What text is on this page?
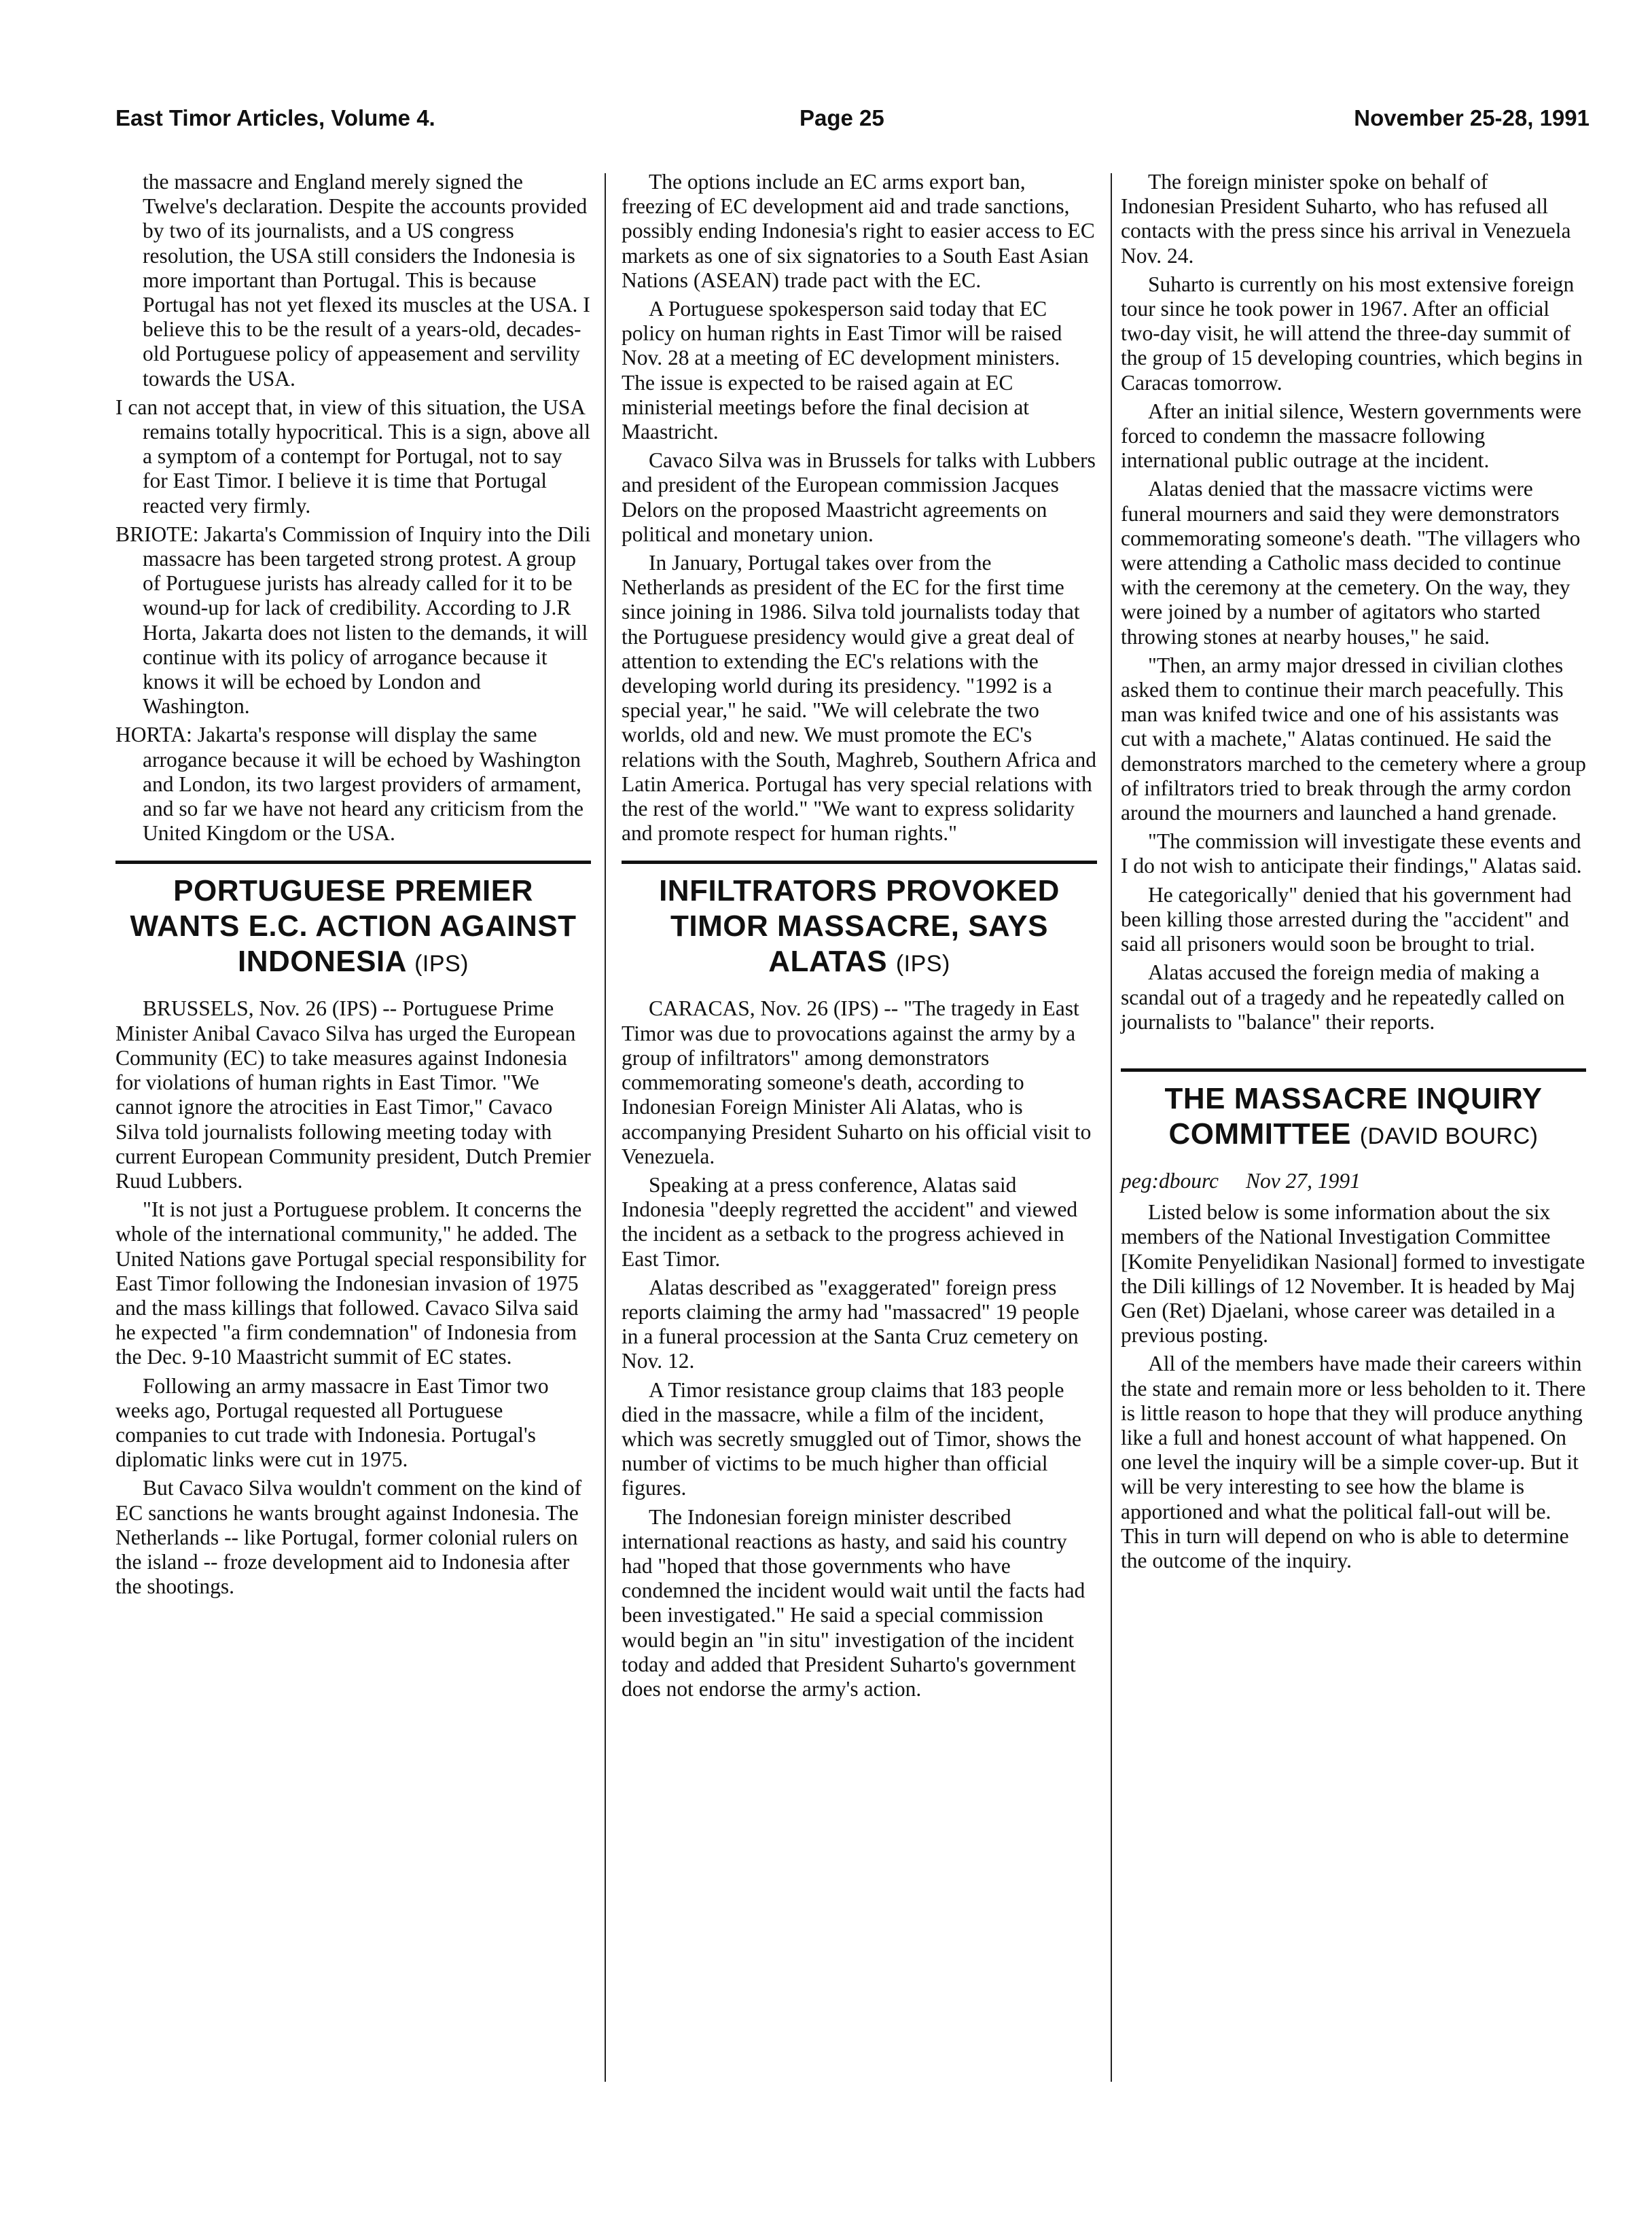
East Timor Articles, Volume 4.	Page 25	November 25-28, 1991

the massacre and England merely signed the Twelve's declaration. Despite the accounts provided by two of its journalists, and a US congress resolution, the USA still considers the Indonesia is more important than Portugal. This is because Portugal has not yet flexed its muscles at the USA. I believe this to be the result of a years-old, decades-old Portuguese policy of appeasement and servility towards the USA.

I can not accept that, in view of this situation, the USA remains totally hypocritical. This is a sign, above all a symptom of a contempt for Portugal, not to say for East Timor. I believe it is time that Portugal reacted very firmly.

BRIOTE: Jakarta's Commission of Inquiry into the Dili massacre has been targeted strong protest. A group of Portuguese jurists has already called for it to be wound-up for lack of credibility. According to J.R Horta, Jakarta does not listen to the demands, it will continue with its policy of arrogance because it knows it will be echoed by London and Washington.

HORTA: Jakarta's response will display the same arrogance because it will be echoed by Washington and London, its two largest providers of armament, and so far we have not heard any criticism from the United Kingdom or the USA.

PORTUGUESE PREMIER WANTS E.C. ACTION AGAINST INDONESIA (IPS)

BRUSSELS, Nov. 26 (IPS) -- Portuguese Prime Minister Anibal Cavaco Silva has urged the European Community (EC) to take measures against Indonesia for violations of human rights in East Timor. "We cannot ignore the atrocities in East Timor," Cavaco Silva told journalists following meeting today with current European Community president, Dutch Premier Ruud Lubbers.

"It is not just a Portuguese problem. It concerns the whole of the international community," he added. The United Nations gave Portugal special responsibility for East Timor following the Indonesian invasion of 1975 and the mass killings that followed. Cavaco Silva said he expected "a firm condemnation" of Indonesia from the Dec. 9-10 Maastricht summit of EC states.

Following an army massacre in East Timor two weeks ago, Portugal requested all Portuguese companies to cut trade with Indonesia. Portugal's diplomatic links were cut in 1975.

But Cavaco Silva wouldn't comment on the kind of EC sanctions he wants brought against Indonesia. The Netherlands -- like Portugal, former colonial rulers on the island -- froze development aid to Indonesia after the shootings.

The options include an EC arms export ban, freezing of EC development aid and trade sanctions, possibly ending Indonesia's right to easier access to EC markets as one of six signatories to a South East Asian Nations (ASEAN) trade pact with the EC.

A Portuguese spokesperson said today that EC policy on human rights in East Timor will be raised Nov. 28 at a meeting of EC development ministers. The issue is expected to be raised again at EC ministerial meetings before the final decision at Maastricht.

Cavaco Silva was in Brussels for talks with Lubbers and president of the European commission Jacques Delors on the proposed Maastricht agreements on political and monetary union.

In January, Portugal takes over from the Netherlands as president of the EC for the first time since joining in 1986. Silva told journalists today that the Portuguese presidency would give a great deal of attention to extending the EC's relations with the developing world during its presidency. "1992 is a special year," he said. "We will celebrate the two worlds, old and new. We must promote the EC's relations with the South, Maghreb, Southern Africa and Latin America. Portugal has very special relations with the rest of the world." "We want to express solidarity and promote respect for human rights."

INFILTRATORS PROVOKED TIMOR MASSACRE, SAYS ALATAS (IPS)

CARACAS, Nov. 26 (IPS) -- "The tragedy in East Timor was due to provocations against the army by a group of infiltrators" among demonstrators commemorating someone's death, according to Indonesian Foreign Minister Ali Alatas, who is accompanying President Suharto on his official visit to Venezuela.

Speaking at a press conference, Alatas said Indonesia "deeply regretted the accident" and viewed the incident as a setback to the progress achieved in East Timor.

Alatas described as "exaggerated" foreign press reports claiming the army had "massacred" 19 people in a funeral procession at the Santa Cruz cemetery on Nov. 12.

A Timor resistance group claims that 183 people died in the massacre, while a film of the incident, which was secretly smuggled out of Timor, shows the number of victims to be much higher than official figures.

The Indonesian foreign minister described international reactions as hasty, and said his country had "hoped that those governments who have condemned the incident would wait until the facts had been investigated." He said a special commission would begin an "in situ" investigation of the incident today and added that President Suharto's government does not endorse the army's action.

The foreign minister spoke on behalf of Indonesian President Suharto, who has refused all contacts with the press since his arrival in Venezuela Nov. 24.

Suharto is currently on his most extensive foreign tour since he took power in 1967. After an official two-day visit, he will attend the three-day summit of the group of 15 developing countries, which begins in Caracas tomorrow.

After an initial silence, Western governments were forced to condemn the massacre following international public outrage at the incident.

Alatas denied that the massacre victims were funeral mourners and said they were demonstrators commemorating someone's death. "The villagers who were attending a Catholic mass decided to continue with the ceremony at the cemetery. On the way, they were joined by a number of agitators who started throwing stones at nearby houses," he said.

"Then, an army major dressed in civilian clothes asked them to continue their march peacefully. This man was knifed twice and one of his assistants was cut with a machete," Alatas continued. He said the demonstrators marched to the cemetery where a group of infiltrators tried to break through the army cordon around the mourners and launched a hand grenade.

"The commission will investigate these events and I do not wish to anticipate their findings," Alatas said.

He categorically" denied that his government had been killing those arrested during the "accident" and said all prisoners would soon be brought to trial.

Alatas accused the foreign media of making a scandal out of a tragedy and he repeatedly called on journalists to "balance" their reports.

THE MASSACRE INQUIRY COMMITTEE (DAVID BOURC)

peg:dbourc Nov 27, 1991

Listed below is some information about the six members of the National Investigation Committee [Komite Penyelidikan Nasional] formed to investigate the Dili killings of 12 November. It is headed by Maj Gen (Ret) Djaelani, whose career was detailed in a previous posting.

All of the members have made their careers within the state and remain more or less beholden to it. There is little reason to hope that they will produce anything like a full and honest account of what happened. On one level the inquiry will be a simple cover-up. But it will be very interesting to see how the blame is apportioned and what the political fall-out will be. This in turn will depend on who is able to determine the outcome of the inquiry.
